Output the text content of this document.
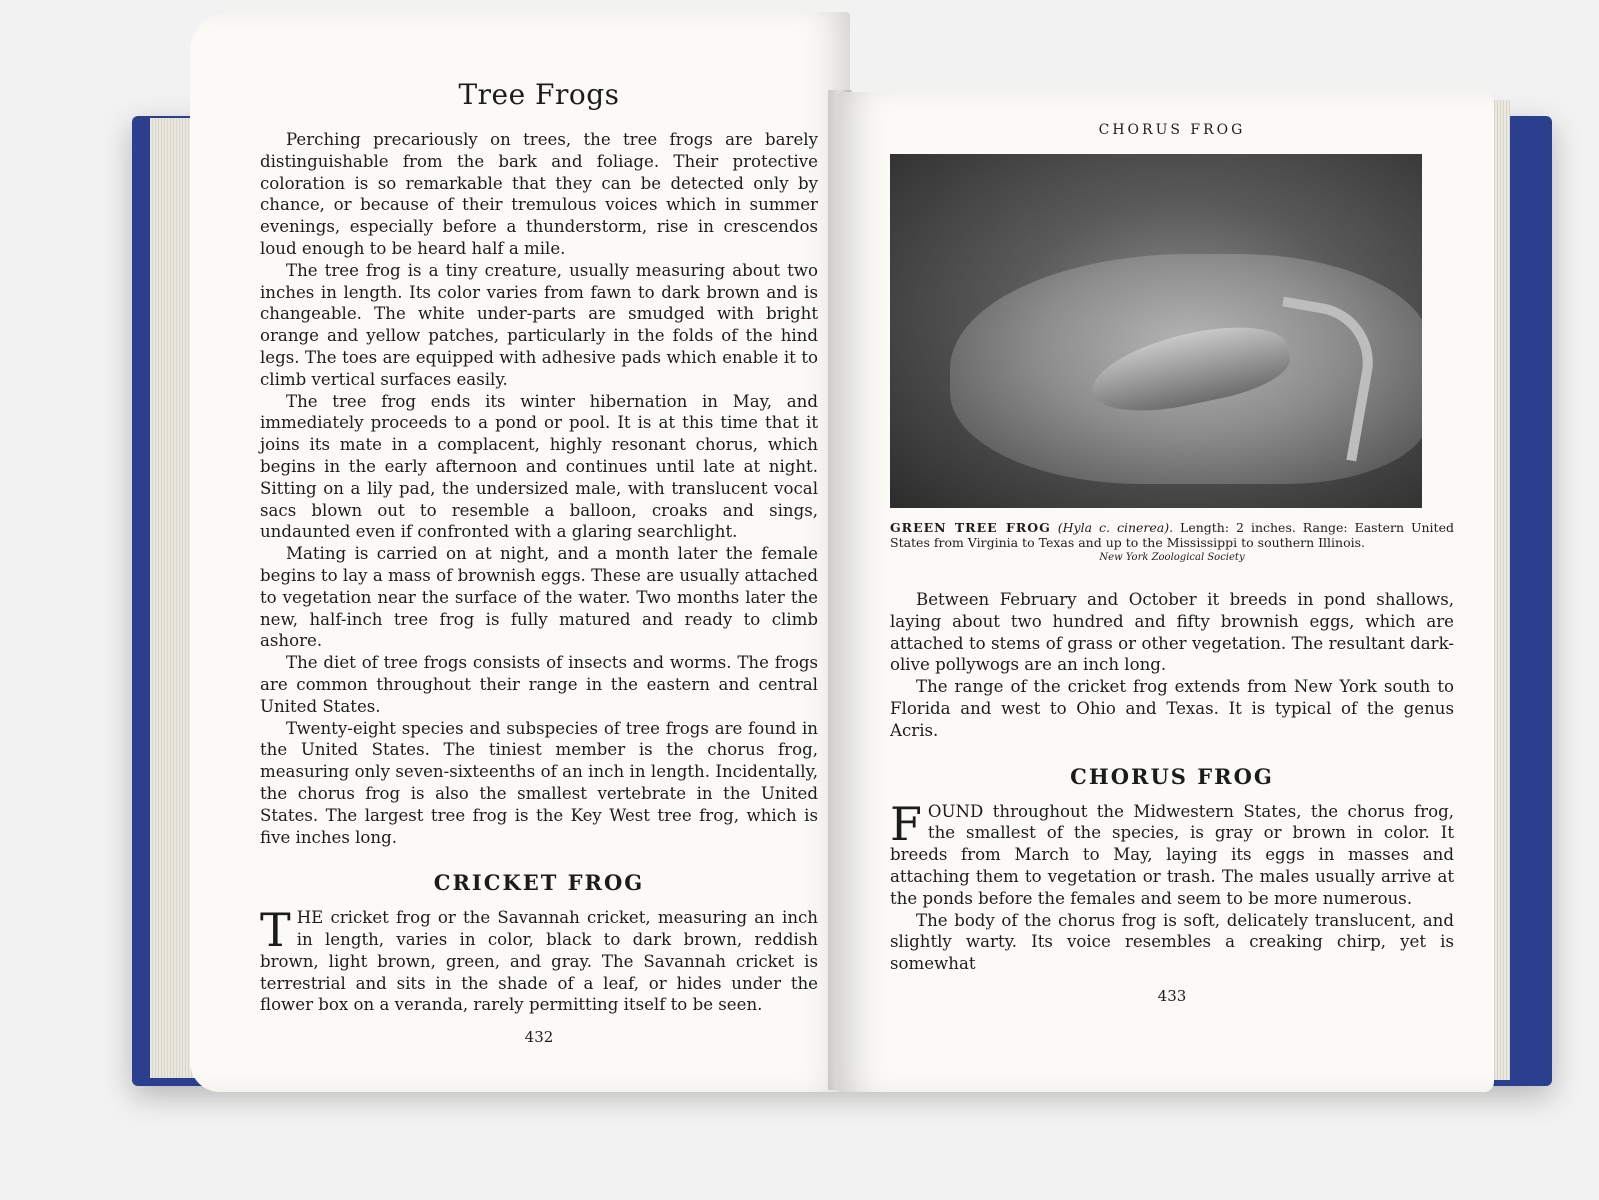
Tree Frogs

Perching precariously on trees, the tree frogs are barely distinguishable from the bark and foliage. Their protective coloration is so remarkable that they can be detected only by chance, or because of their tremulous voices which in summer evenings, especially before a thunderstorm, rise in crescendos loud enough to be heard half a mile.

The tree frog is a tiny creature, usually measuring about two inches in length. Its color varies from fawn to dark brown and is changeable. The white under-parts are smudged with bright orange and yellow patches, particularly in the folds of the hind legs. The toes are equipped with adhesive pads which enable it to climb vertical surfaces easily.

The tree frog ends its winter hibernation in May, and immediately proceeds to a pond or pool. It is at this time that it joins its mate in a complacent, highly resonant chorus, which begins in the early afternoon and continues until late at night. Sitting on a lily pad, the undersized male, with translucent vocal sacs blown out to resemble a balloon, croaks and sings, undaunted even if confronted with a glaring searchlight.

Mating is carried on at night, and a month later the female begins to lay a mass of brownish eggs. These are usually attached to vegetation near the surface of the water. Two months later the new, half-inch tree frog is fully matured and ready to climb ashore.

The diet of tree frogs consists of insects and worms. The frogs are common throughout their range in the eastern and central United States.

Twenty-eight species and subspecies of tree frogs are found in the United States. The tiniest member is the chorus frog, measuring only seven-sixteenths of an inch in length. Incidentally, the chorus frog is also the smallest vertebrate in the United States. The largest tree frog is the Key West tree frog, which is five inches long.

CRICKET FROG

THE cricket frog or the Savannah cricket, measuring an inch in length, varies in color, black to dark brown, reddish brown, light brown, green, and gray. The Savannah cricket is terrestrial and sits in the shade of a leaf, or hides under the flower box on a veranda, rarely permitting itself to be seen.

432
CHORUS FROG

GREEN TREE FROG (Hyla c. cinerea). Length: 2 inches. Range: Eastern United States from Virginia to Texas and up to the Mississippi to southern Illinois.

New York Zoological Society

Between February and October it breeds in pond shallows, laying about two hundred and fifty brownish eggs, which are attached to stems of grass or other vegetation. The resultant dark-olive pollywogs are an inch long.

The range of the cricket frog extends from New York south to Florida and west to Ohio and Texas. It is typical of the genus Acris.

CHORUS FROG

FOUND throughout the Midwestern States, the chorus frog, the smallest of the species, is gray or brown in color. It breeds from March to May, laying its eggs in masses and attaching them to vegetation or trash. The males usually arrive at the ponds before the females and seem to be more numerous.

The body of the chorus frog is soft, delicately translucent, and slightly warty. Its voice resembles a creaking chirp, yet is somewhat

433
